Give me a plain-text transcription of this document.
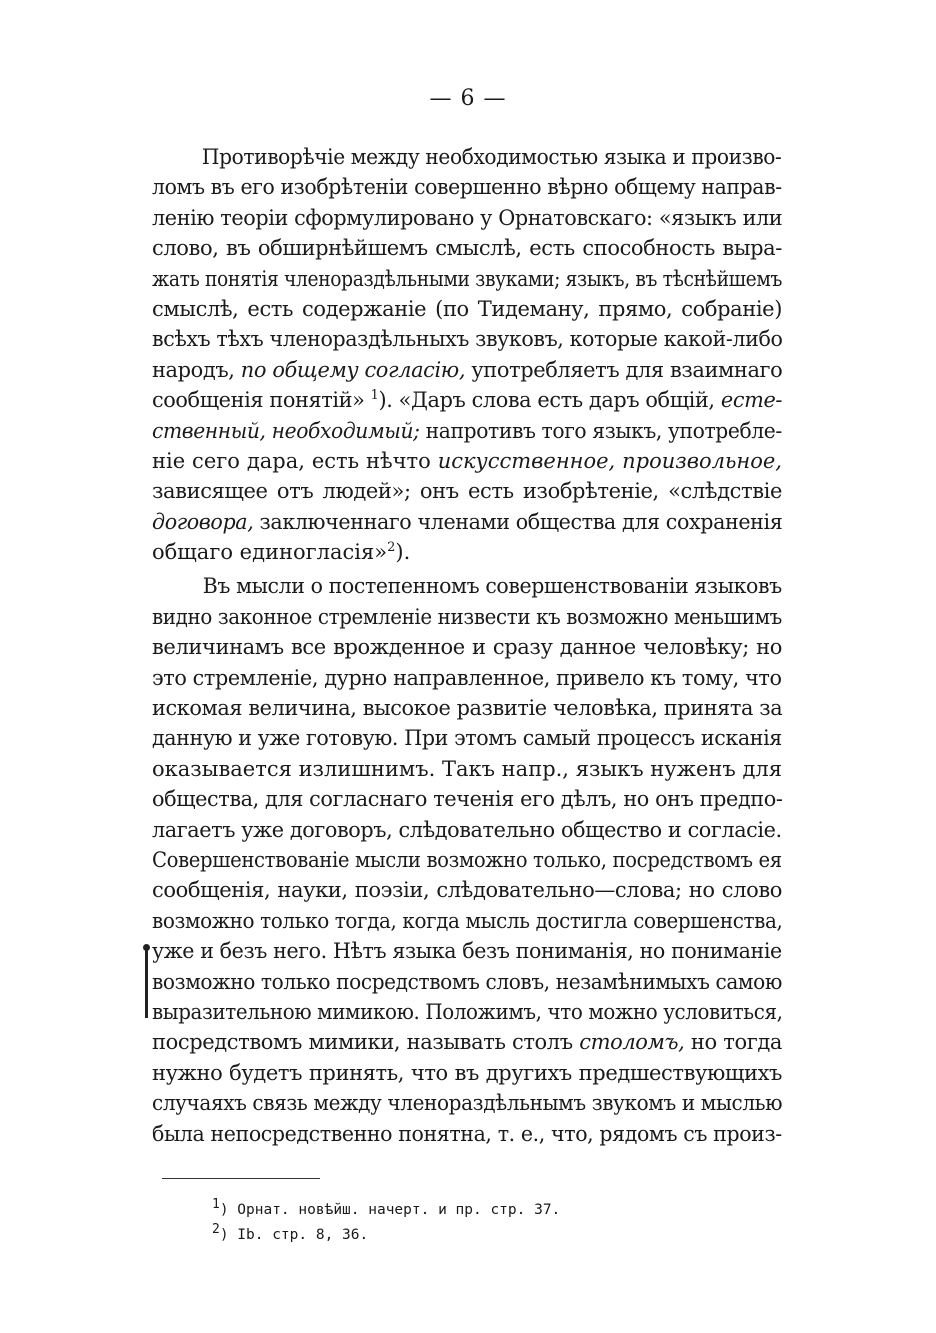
— 6 —
Противорѣчіе между необходимостью языка и произво-
ломъ въ его изобрѣтеніи совершенно вѣрно общему направ-
ленію теоріи сформулировано у Орнатовскаго: «языкъ или
слово, въ обширнѣйшемъ смыслѣ, есть способность выра-
жать понятія членораздѣльными звуками; языкъ, въ тѣснѣйшемъ
смыслѣ, есть содержаніе (по Тидеману, прямо, собраніе)
всѣхъ тѣхъ членораздѣльныхъ звуковъ, которые какой-либо
народъ, по общему согласію, употребляетъ для взаимнаго
сообщенія понятій» $^1$). «Даръ слова есть даръ общій, есте-
ственный, необходимый; напротивъ того языкъ, употребле-
ніе сего дара, есть нѣчто искусственное, произвольное,
зависящее отъ людей»; онъ есть изобрѣтеніе, «слѣдствіе
договора, заключеннаго членами общества для сохраненія
общаго единогласія»$^2$).
Въ мысли о постепенномъ совершенствованіи языковъ
видно законное стремленіе низвести къ возможно меньшимъ
величинамъ все врожденное и сразу данное человѣку; но
это стремленіе, дурно направленное, привело къ тому, что
искомая величина, высокое развитіе человѣка, принята за
данную и уже готовую. При этомъ самый процессъ исканія
оказывается излишнимъ. Такъ напр., языкъ нуженъ для
общества, для согласнаго теченія его дѣлъ, но онъ предпо-
лагаетъ уже договоръ, слѣдовательно общество и согласіе.
Совершенствованіе мысли возможно только, посредствомъ ея
сообщенія, науки, поэзіи, слѣдовательно—слова; но слово
возможно только тогда, когда мысль достигла совершенства,
уже и безъ него. Нѣтъ языка безъ пониманія, но пониманіе
возможно только посредствомъ словъ, незамѣнимыхъ самою
выразительною мимикою. Положимъ, что можно условиться,
посредствомъ мимики, называть столъ столомъ, но тогда
нужно будетъ принять, что въ другихъ предшествующихъ
случаяхъ связь между членораздѣльнымъ звукомъ и мыслью
была непосредственно понятна, т. е., что, рядомъ съ произ-
$^1$) Орнат. новѣйш. начерт. и пр. стр. 37.
$^2$) Ib. стр. 8, 36.
